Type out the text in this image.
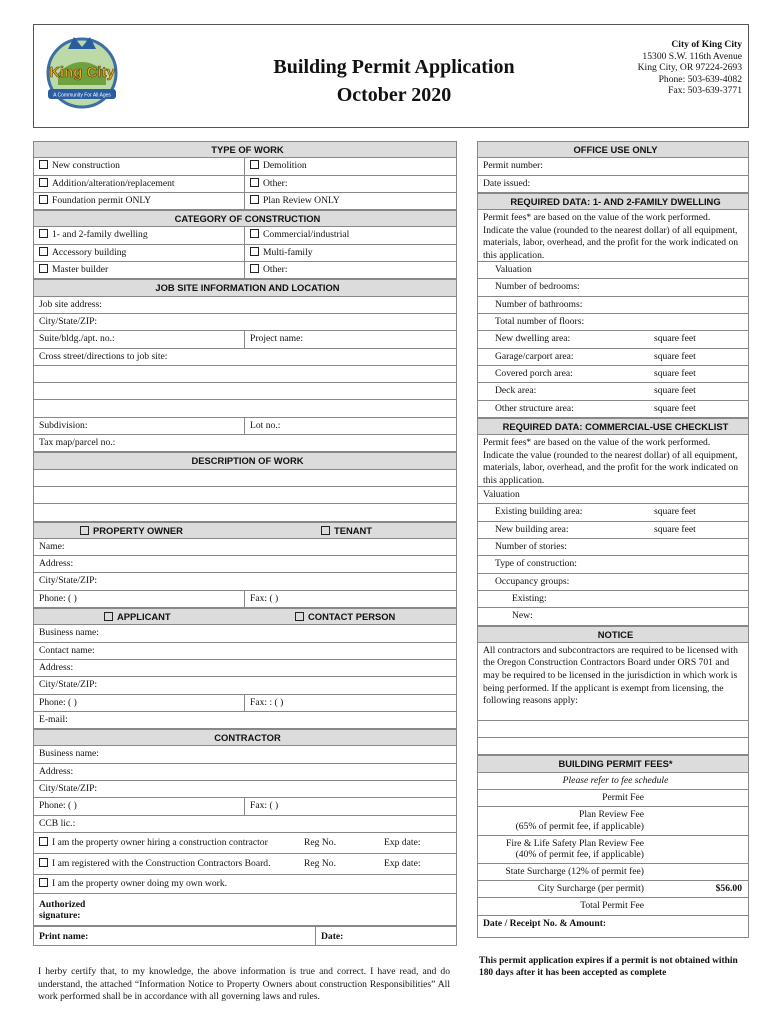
King City
A Community For All Ages
Building Permit Application
October 2020
City of King City
15300 S.W. 116th Avenue
King City, OR 97224-2693
Phone: 503-639-4082
Fax: 503-639-3771
TYPE OF WORK
New construction	Demolition
Addition/alteration/replacement	Other:
Foundation permit ONLY	Plan Review ONLY
CATEGORY OF CONSTRUCTION
1- and 2-family dwelling	Commercial/industrial
Accessory building	Multi-family
Master builder	Other:
JOB SITE INFORMATION AND LOCATION
Job site address:
City/State/ZIP:
Suite/bldg./apt. no.:	Project name:
Cross street/directions to job site:
Subdivision:	Lot no.:
Tax map/parcel no.:
DESCRIPTION OF WORK
PROPERTY OWNER	TENANT
Name:
Address:
City/State/ZIP:
Phone: ( )	Fax: ( )
APPLICANT	CONTACT PERSON
Business name:
Contact name:
Address:
City/State/ZIP:
Phone: ( )	Fax: : ( )
E-mail:
CONTRACTOR
Business name:
Address:
City/State/ZIP:
Phone: ( )	Fax: ( )
CCB lic.:
I am the property owner hiring a construction contractor	Reg No.	Exp date:
I am registered with the Construction Contractors Board.	Reg No.	Exp date:
I am the property owner doing my own work.
Authorized signature:
Print name:	Date:
I herby certify that, to my knowledge, the above information is true and correct. I have read, and do understand, the attached “Information Notice to Property Owners about construction Responsibilities” All work performed shall be in accordance with all governing laws and rules.
OFFICE USE ONLY
Permit number:
Date issued:
REQUIRED DATA: 1- AND 2-FAMILY DWELLING
Permit fees* are based on the value of the work performed. Indicate the value (rounded to the nearest dollar) of all equipment, materials, labor, overhead, and the profit for the work indicated on this application.
Valuation
Number of bedrooms:
Number of bathrooms:
Total number of floors:
New dwelling area:	square feet
Garage/carport area:	square feet
Covered porch area:	square feet
Deck area:	square feet
Other structure area:	square feet
REQUIRED DATA: COMMERCIAL-USE CHECKLIST
Permit fees* are based on the value of the work performed. Indicate the value (rounded to the nearest dollar) of all equipment, materials, labor, overhead, and the profit for the work indicated on this application.
Valuation
Existing building area:	square feet
New building area:	square feet
Number of stories:
Type of construction:
Occupancy groups:
Existing:
New:
NOTICE
All contractors and subcontractors are required to be licensed with the Oregon Construction Contractors Board under ORS 701 and may be required to be licensed in the jurisdiction in which work is being performed. If the applicant is exempt from licensing, the following reasons apply:
BUILDING PERMIT FEES*
Please refer to fee schedule
Permit Fee
Plan Review Fee
(65% of permit fee, if applicable)
Fire & Life Safety Plan Review Fee
(40% of permit fee, if applicable)
State Surcharge (12% of permit fee)
City Surcharge (per permit)	$56.00
Total Permit Fee
Date / Receipt No. & Amount:
This permit application expires if a permit is not obtained within 180 days after it has been accepted as complete
